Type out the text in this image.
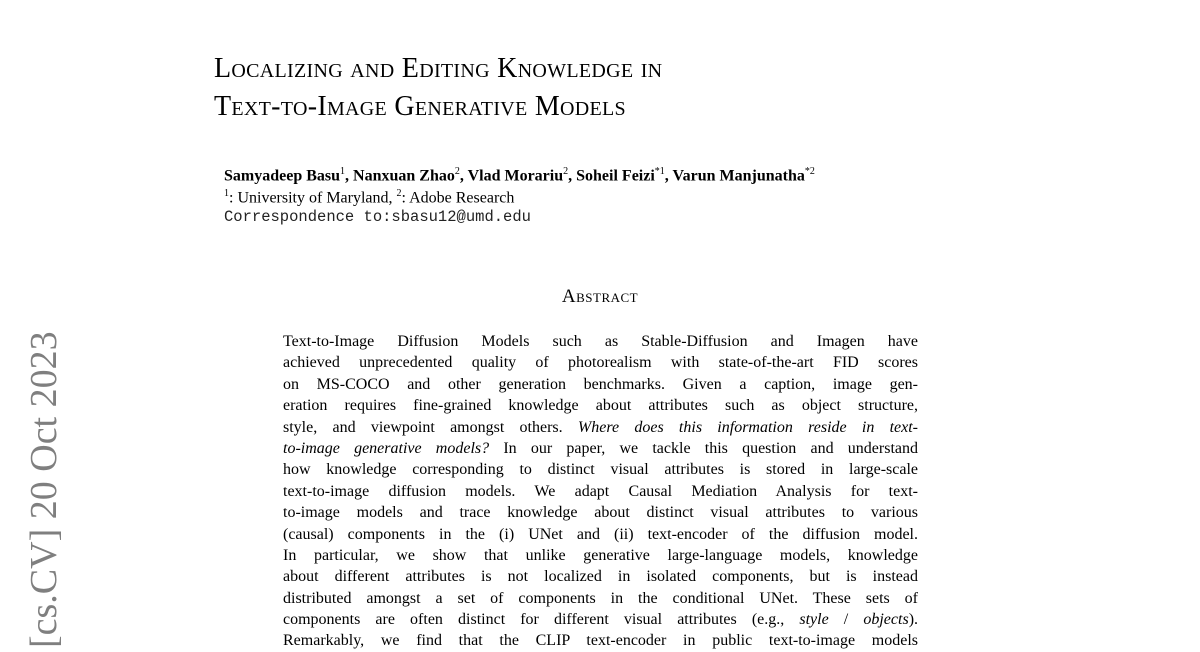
Localizing and Editing Knowledge in
Text-to-Image Generative Models
Samyadeep Basu$^1$, Nanxuan Zhao$^2$, Vlad Morariu$^2$, Soheil Feizi$^{*1}$, Varun Manjunatha$^{*2}$
$^1$: University of Maryland, $^2$: Adobe Research
Correspondence to:sbasu12@umd.edu
Abstract
Text-to-Image Diffusion Models such as Stable-Diffusion and Imagen have
achieved unprecedented quality of photorealism with state-of-the-art FID scores
on MS-COCO and other generation benchmarks. Given a caption, image gen-
eration requires fine-grained knowledge about attributes such as object structure,
style, and viewpoint amongst others. Where does this information reside in text-
to-image generative models? In our paper, we tackle this question and understand
how knowledge corresponding to distinct visual attributes is stored in large-scale
text-to-image diffusion models. We adapt Causal Mediation Analysis for text-
to-image models and trace knowledge about distinct visual attributes to various
(causal) components in the (i) UNet and (ii) text-encoder of the diffusion model.
In particular, we show that unlike generative large-language models, knowledge
about different attributes is not localized in isolated components, but is instead
distributed amongst a set of components in the conditional UNet. These sets of
components are often distinct for different visual attributes (e.g., style / objects).
Remarkably, we find that the CLIP text-encoder in public text-to-image models
[cs.CV] 20 Oct 2023
